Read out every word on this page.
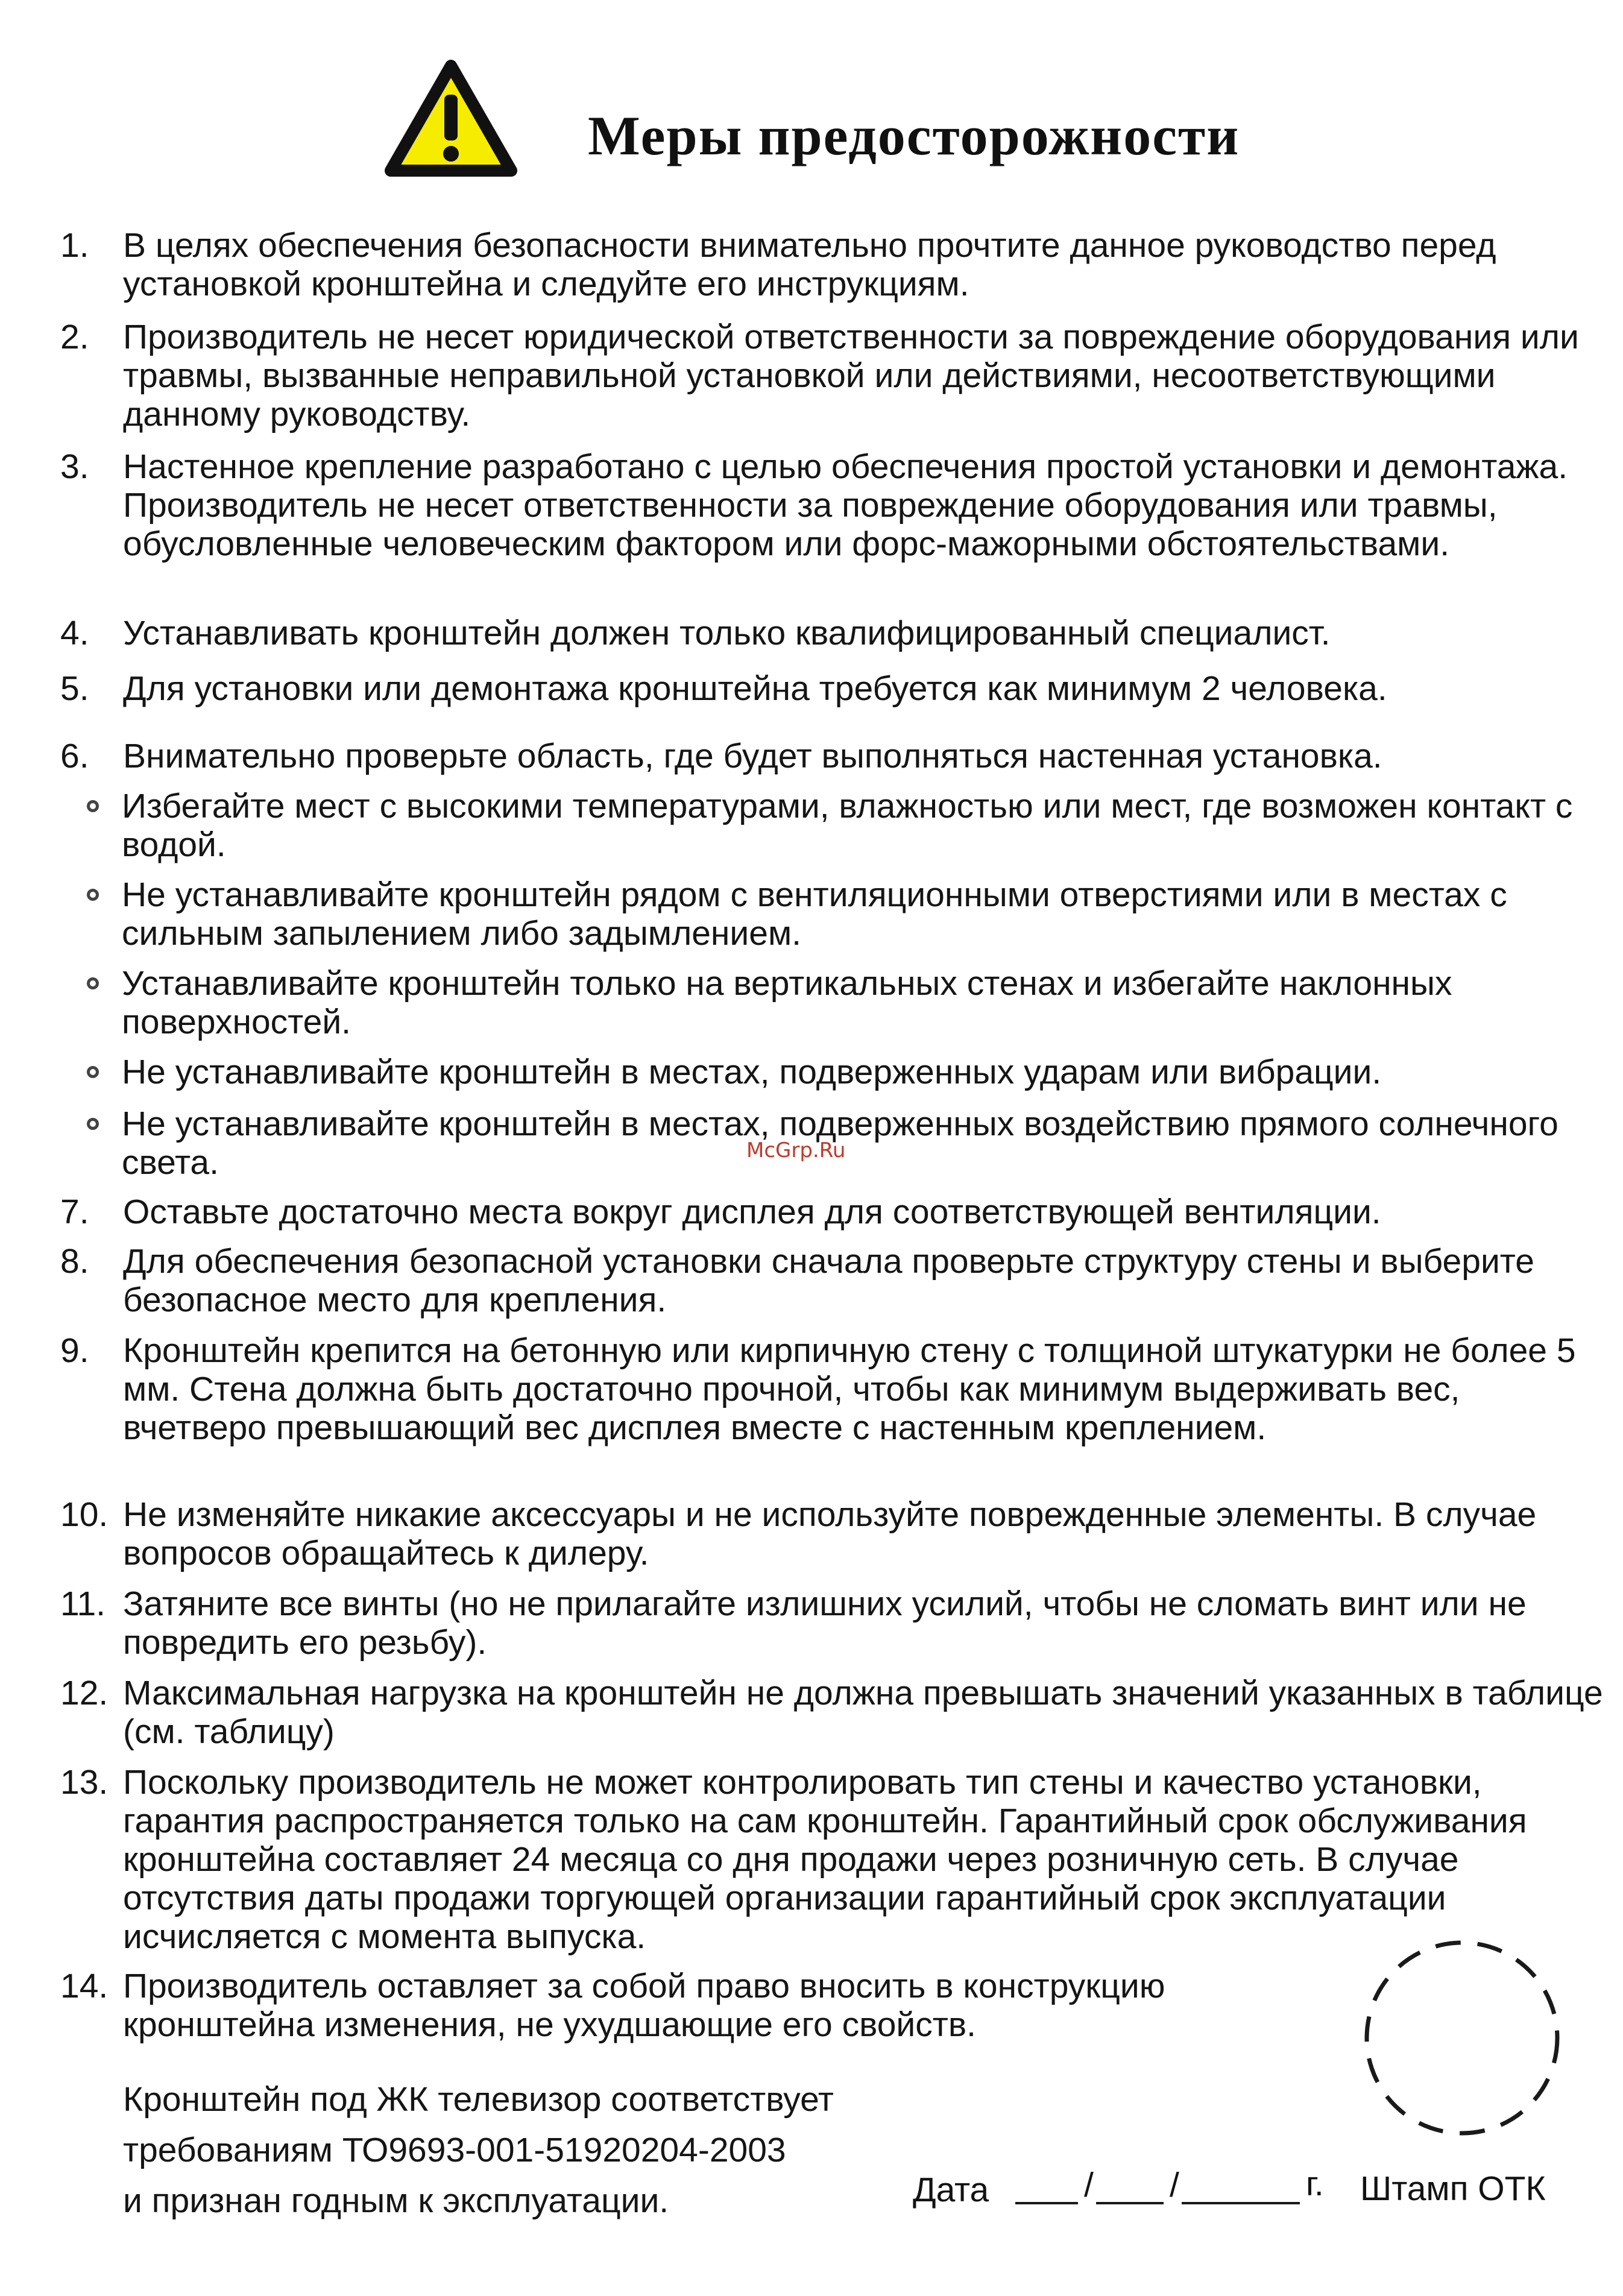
Меры предосторожности
1. В целях обеспечения безопасности внимательно прочтите данное руководство перед установкой кронштейна и следуйте его инструкциям.
2. Производитель не несет юридической ответственности за повреждение оборудования или травмы, вызванные неправильной установкой или действиями, несоответствующими данному руководству.
3. Настенное крепление разработано с целью обеспечения простой установки и демонтажа. Производитель не несет ответственности за повреждение оборудования или травмы, обусловленные человеческим фактором или форс-мажорными обстоятельствами.
4. Устанавливать кронштейн должен только квалифицированный специалист.
5. Для установки или демонтажа кронштейна требуется как минимум 2 человека.
6. Внимательно проверьте область, где будет выполняться настенная установка.
Избегайте мест с высокими температурами, влажностью или мест, где возможен контакт с водой.
Не устанавливайте кронштейн рядом с вентиляционными отверстиями или в местах с сильным запылением либо задымлением.
Устанавливайте кронштейн только на вертикальных стенах и избегайте наклонных поверхностей.
Не устанавливайте кронштейн в местах, подверженных ударам или вибрации.
Не устанавливайте кронштейн в местах, подверженных воздействию прямого солнечного света.
7. Оставьте достаточно места вокруг дисплея для соответствующей вентиляции.
8. Для обеспечения безопасной установки сначала проверьте структуру стены и выберите безопасное место для крепления.
9. Кронштейн крепится на бетонную или кирпичную стену с толщиной штукатурки не более 5 мм. Стена должна быть достаточно прочной, чтобы как минимум выдерживать вес, вчетверо превышающий вес дисплея вместе с настенным креплением.
10. Не изменяйте никакие аксессуары и не используйте поврежденные элементы. В случае вопросов обращайтесь к дилеру.
11. Затяните все винты (но не прилагайте излишних усилий, чтобы не сломать винт или не повредить его резьбу).
12. Максимальная нагрузка на кронштейн не должна превышать значений указанных в таблице (см. таблицу)
13. Поскольку производитель не может контролировать тип стены и качество установки, гарантия распространяется только на сам кронштейн. Гарантийный срок обслуживания кронштейна составляет 24 месяца со дня продажи через розничную сеть. В случае отсутствия даты продажи торгующей организации гарантийный срок эксплуатации исчисляется с момента выпуска.
14. Производитель оставляет за собой право вносить в конструкцию кронштейна изменения, не ухудшающие его свойств.
Кронштейн под ЖК телевизор соответствует
требованиям ТО9693-001-51920204-2003
и признан годным к эксплуатации.	Дата	/ /	г. Штамп ОТК
McGrp.Ru
